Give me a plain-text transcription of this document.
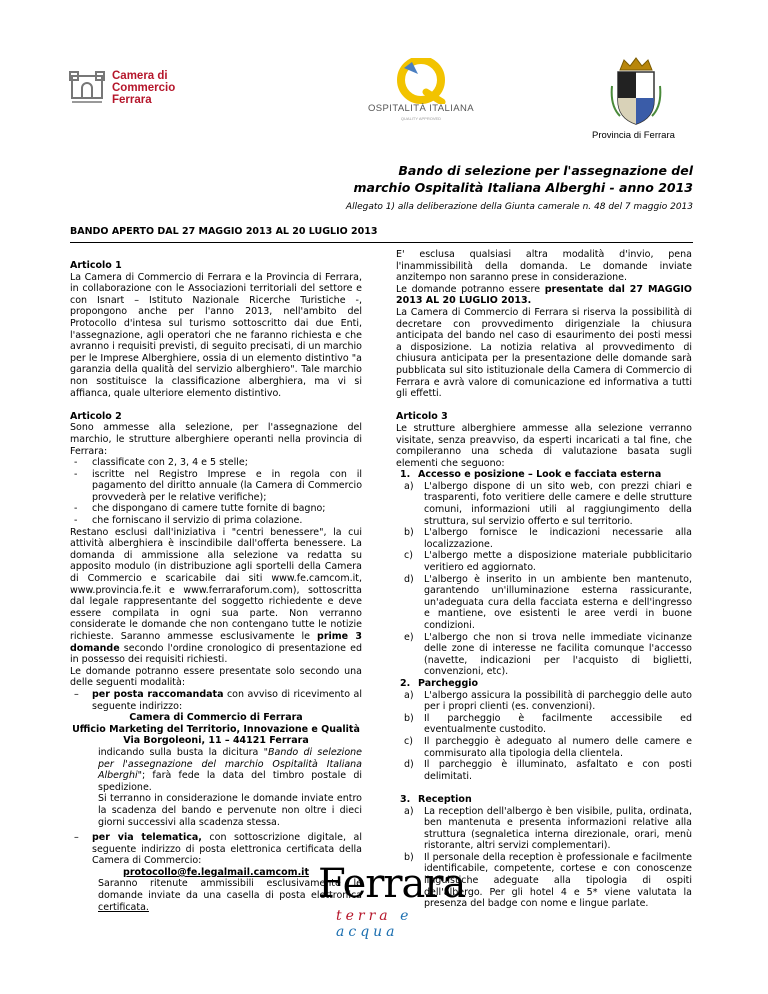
Camera di Commercio
Ferrara
OSPITALITÀ ITALIANA
QUALITY APPROVED
Provincia di Ferrara
Bando di selezione per l'assegnazione del
marchio Ospitalità Italiana Alberghi - anno 2013
Allegato 1) alla deliberazione della Giunta camerale n. 48 del 7 maggio 2013
BANDO APERTO DAL 27 MAGGIO 2013 AL 20 LUGLIO 2013

Articolo 1

La Camera di Commercio di Ferrara e la Provincia di Ferrara, in collaborazione con le Associazioni territoriali del settore e con Isnart – Istituto Nazionale Ricerche Turistiche -, propongono anche per l'anno 2013, nell'ambito del Protocollo d'intesa sul turismo sottoscritto dai due Enti, l'assegnazione, agli operatori che ne faranno richiesta e che avranno i requisiti previsti, di seguito precisati, di un marchio per le Imprese Alberghiere, ossia di un elemento distintivo "a garanzia della qualità del servizio alberghiero". Tale marchio non sostituisce la classificazione alberghiera, ma vi si affianca, quale ulteriore elemento distintivo.

Articolo 2

Sono ammesse alla selezione, per l'assegnazione del marchio, le strutture alberghiere operanti nella provincia di Ferrara:

- classificate con 2, 3, 4 e 5 stelle;
- iscritte nel Registro Imprese e in regola con il pagamento del diritto annuale (la Camera di Commercio provvederà per le relative verifiche);
- che dispongano di camere tutte fornite di bagno;
- che forniscano il servizio di prima colazione.

Restano esclusi dall'iniziativa i "centri benessere", la cui attività alberghiera è inscindibile dall'offerta benessere. La domanda di ammissione alla selezione va redatta su apposito modulo (in distribuzione agli sportelli della Camera di Commercio e scaricabile dai siti www.fe.camcom.it, www.provincia.fe.it e www.ferraraforum.com), sottoscritta dal legale rappresentante del soggetto richiedente e deve essere compilata in ogni sua parte. Non verranno considerate le domande che non contengano tutte le notizie richieste. Saranno ammesse esclusivamente le prime 3 domande secondo l'ordine cronologico di presentazione ed in possesso dei requisiti richiesti.

Le domande potranno essere presentate solo secondo una delle seguenti modalità:

– per posta raccomandata con avviso di ricevimento al seguente indirizzo:

Camera di Commercio di Ferrara

Ufficio Marketing del Territorio, Innovazione e Qualità

Via Borgoleoni, 11 – 44121 Ferrara

indicando sulla busta la dicitura "Bando di selezione per l'assegnazione del marchio Ospitalità Italiana Alberghi"; farà fede la data del timbro postale di spedizione.

Si terranno in considerazione le domande inviate entro la scadenza del bando e pervenute non oltre i dieci giorni successivi alla scadenza stessa.

– per via telematica, con sottoscrizione digitale, al seguente indirizzo di posta elettronica certificata della Camera di Commercio:

protocollo@fe.legalmail.camcom.it

Saranno ritenute ammissibili esclusivamente le domande inviate da una casella di posta elettronica certificata.

E' esclusa qualsiasi altra modalità d'invio, pena l'inammissibilità della domanda. Le domande inviate anzitempo non saranno prese in considerazione.

Le domande potranno essere presentate dal 27 MAGGIO 2013 AL 20 LUGLIO 2013.

La Camera di Commercio di Ferrara si riserva la possibilità di decretare con provvedimento dirigenziale la chiusura anticipata del bando nel caso di esaurimento dei posti messi a disposizione. La notizia relativa al provvedimento di chiusura anticipata per la presentazione delle domande sarà pubblicata sul sito istituzionale della Camera di Commercio di Ferrara e avrà valore di comunicazione ed informativa a tutti gli effetti.

Articolo 3

Le strutture alberghiere ammesse alla selezione verranno visitate, senza preavviso, da esperti incaricati a tal fine, che compileranno una scheda di valutazione basata sugli elementi che seguono:

1. Accesso e posizione – Look e facciata esterna
a) L'albergo dispone di un sito web, con prezzi chiari e trasparenti, foto veritiere delle camere e delle strutture comuni, informazioni utili al raggiungimento della struttura, sul servizio offerto e sul territorio.
b) L'albergo fornisce le indicazioni necessarie alla localizzazione.
c) L'albergo mette a disposizione materiale pubblicitario veritiero ed aggiornato.
d) L'albergo è inserito in un ambiente ben mantenuto, garantendo un'illuminazione esterna rassicurante, un'adeguata cura della facciata esterna e dell'ingresso e mantiene, ove esistenti le aree verdi in buone condizioni.
e) L'albergo che non si trova nelle immediate vicinanze delle zone di interesse ne facilita comunque l'accesso (navette, indicazioni per l'acquisto di biglietti, convenzioni, etc).
2. Parcheggio
a) L'albergo assicura la possibilità di parcheggio delle auto per i propri clienti (es. convenzioni).
b) Il parcheggio è facilmente accessibile ed eventualmente custodito.
c) Il parcheggio è adeguato al numero delle camere e commisurato alla tipologia della clientela.
d) Il parcheggio è illuminato, asfaltato e con posti delimitati.
3. Reception
a) La reception dell'albergo è ben visibile, pulita, ordinata, ben mantenuta e presenta informazioni relative alla struttura (segnaletica interna direzionale, orari, menù ristorante, altri servizi complementari).
b) Il personale della reception è professionale e facilmente identificabile, competente, cortese e con conoscenze linguistiche adeguate alla tipologia di ospiti dell'albergo. Per gli hotel 4 e 5* viene valutata la presenza del badge con nome e lingue parlate.
Ferrara
terra e acqua
